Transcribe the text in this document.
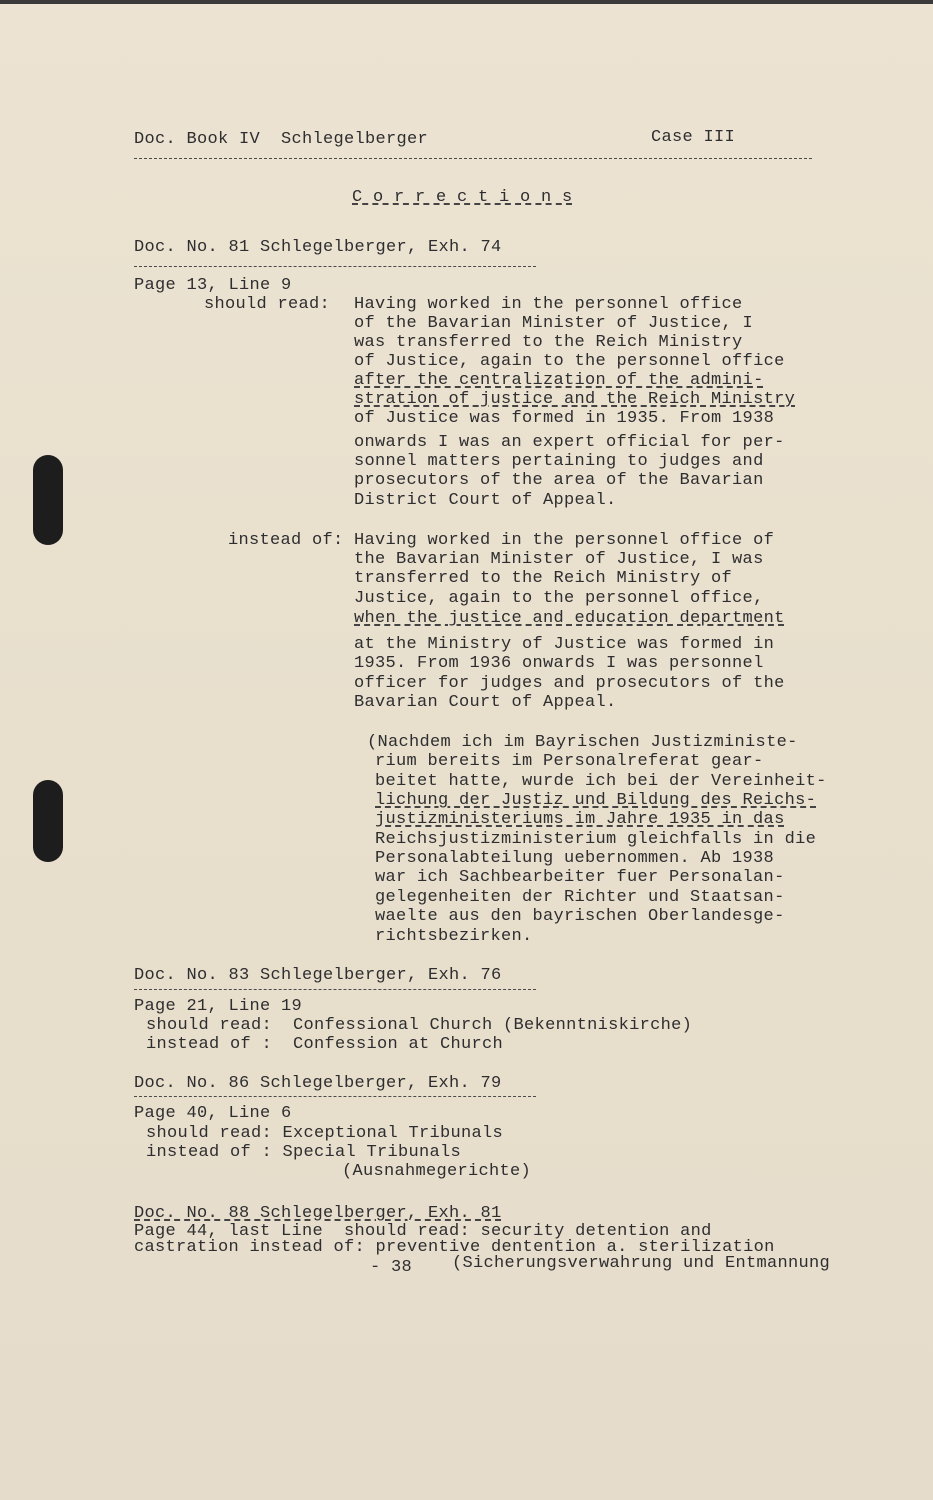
Doc. Book IV  Schlegelberger	Case III
C o r r e c t i o n s
Doc. No. 81 Schlegelberger, Exh. 74
Page 13, Line 9
should read: Having worked in the personnel office
of the Bavarian Minister of Justice, I
was transferred to the Reich Ministry
of Justice, again to the personnel office
after the centralization of the admini-
stration of justice and the Reich Ministry
of Justice was formed in 1935. From 1938
onwards I was an expert official for per-
sonnel matters pertaining to judges and
prosecutors of the area of the Bavarian
District Court of Appeal.
instead of: Having worked in the personnel office of
the Bavarian Minister of Justice, I was
transferred to the Reich Ministry of
Justice, again to the personnel office,
when the justice and education department
at the Ministry of Justice was formed in
1935. From 1936 onwards I was personnel
officer for judges and prosecutors of the
Bavarian Court of Appeal.
(Nachdem ich im Bayrischen Justizministe-
rium bereits im Personalreferat gear-
beitet hatte, wurde ich bei der Vereinheit-
lichung der Justiz und Bildung des Reichs-
justizministeriums im Jahre 1935 in das
Reichsjustizministerium gleichfalls in die
Personalabteilung uebernommen. Ab 1938
war ich Sachbearbeiter fuer Personalan-
gelegenheiten der Richter und Staatsan-
waelte aus den bayrischen Oberlandesge-
richtsbezirken.
Doc. No. 83 Schlegelberger, Exh. 76
Page 21, Line 19
should read:  Confessional Church (Bekenntniskirche)
instead of :  Confession at Church
Doc. No. 86 Schlegelberger, Exh. 79
Page 40, Line 6
should read: Exceptional Tribunals
instead of : Special Tribunals
(Ausnahmegerichte)
Doc. No. 88 Schlegelberger, Exh. 81
Page 44, last Line  should read: security detention and
castration instead of: preventive dentention a. sterilization
- 38 (Sicherungsverwahrung und Entmannung
